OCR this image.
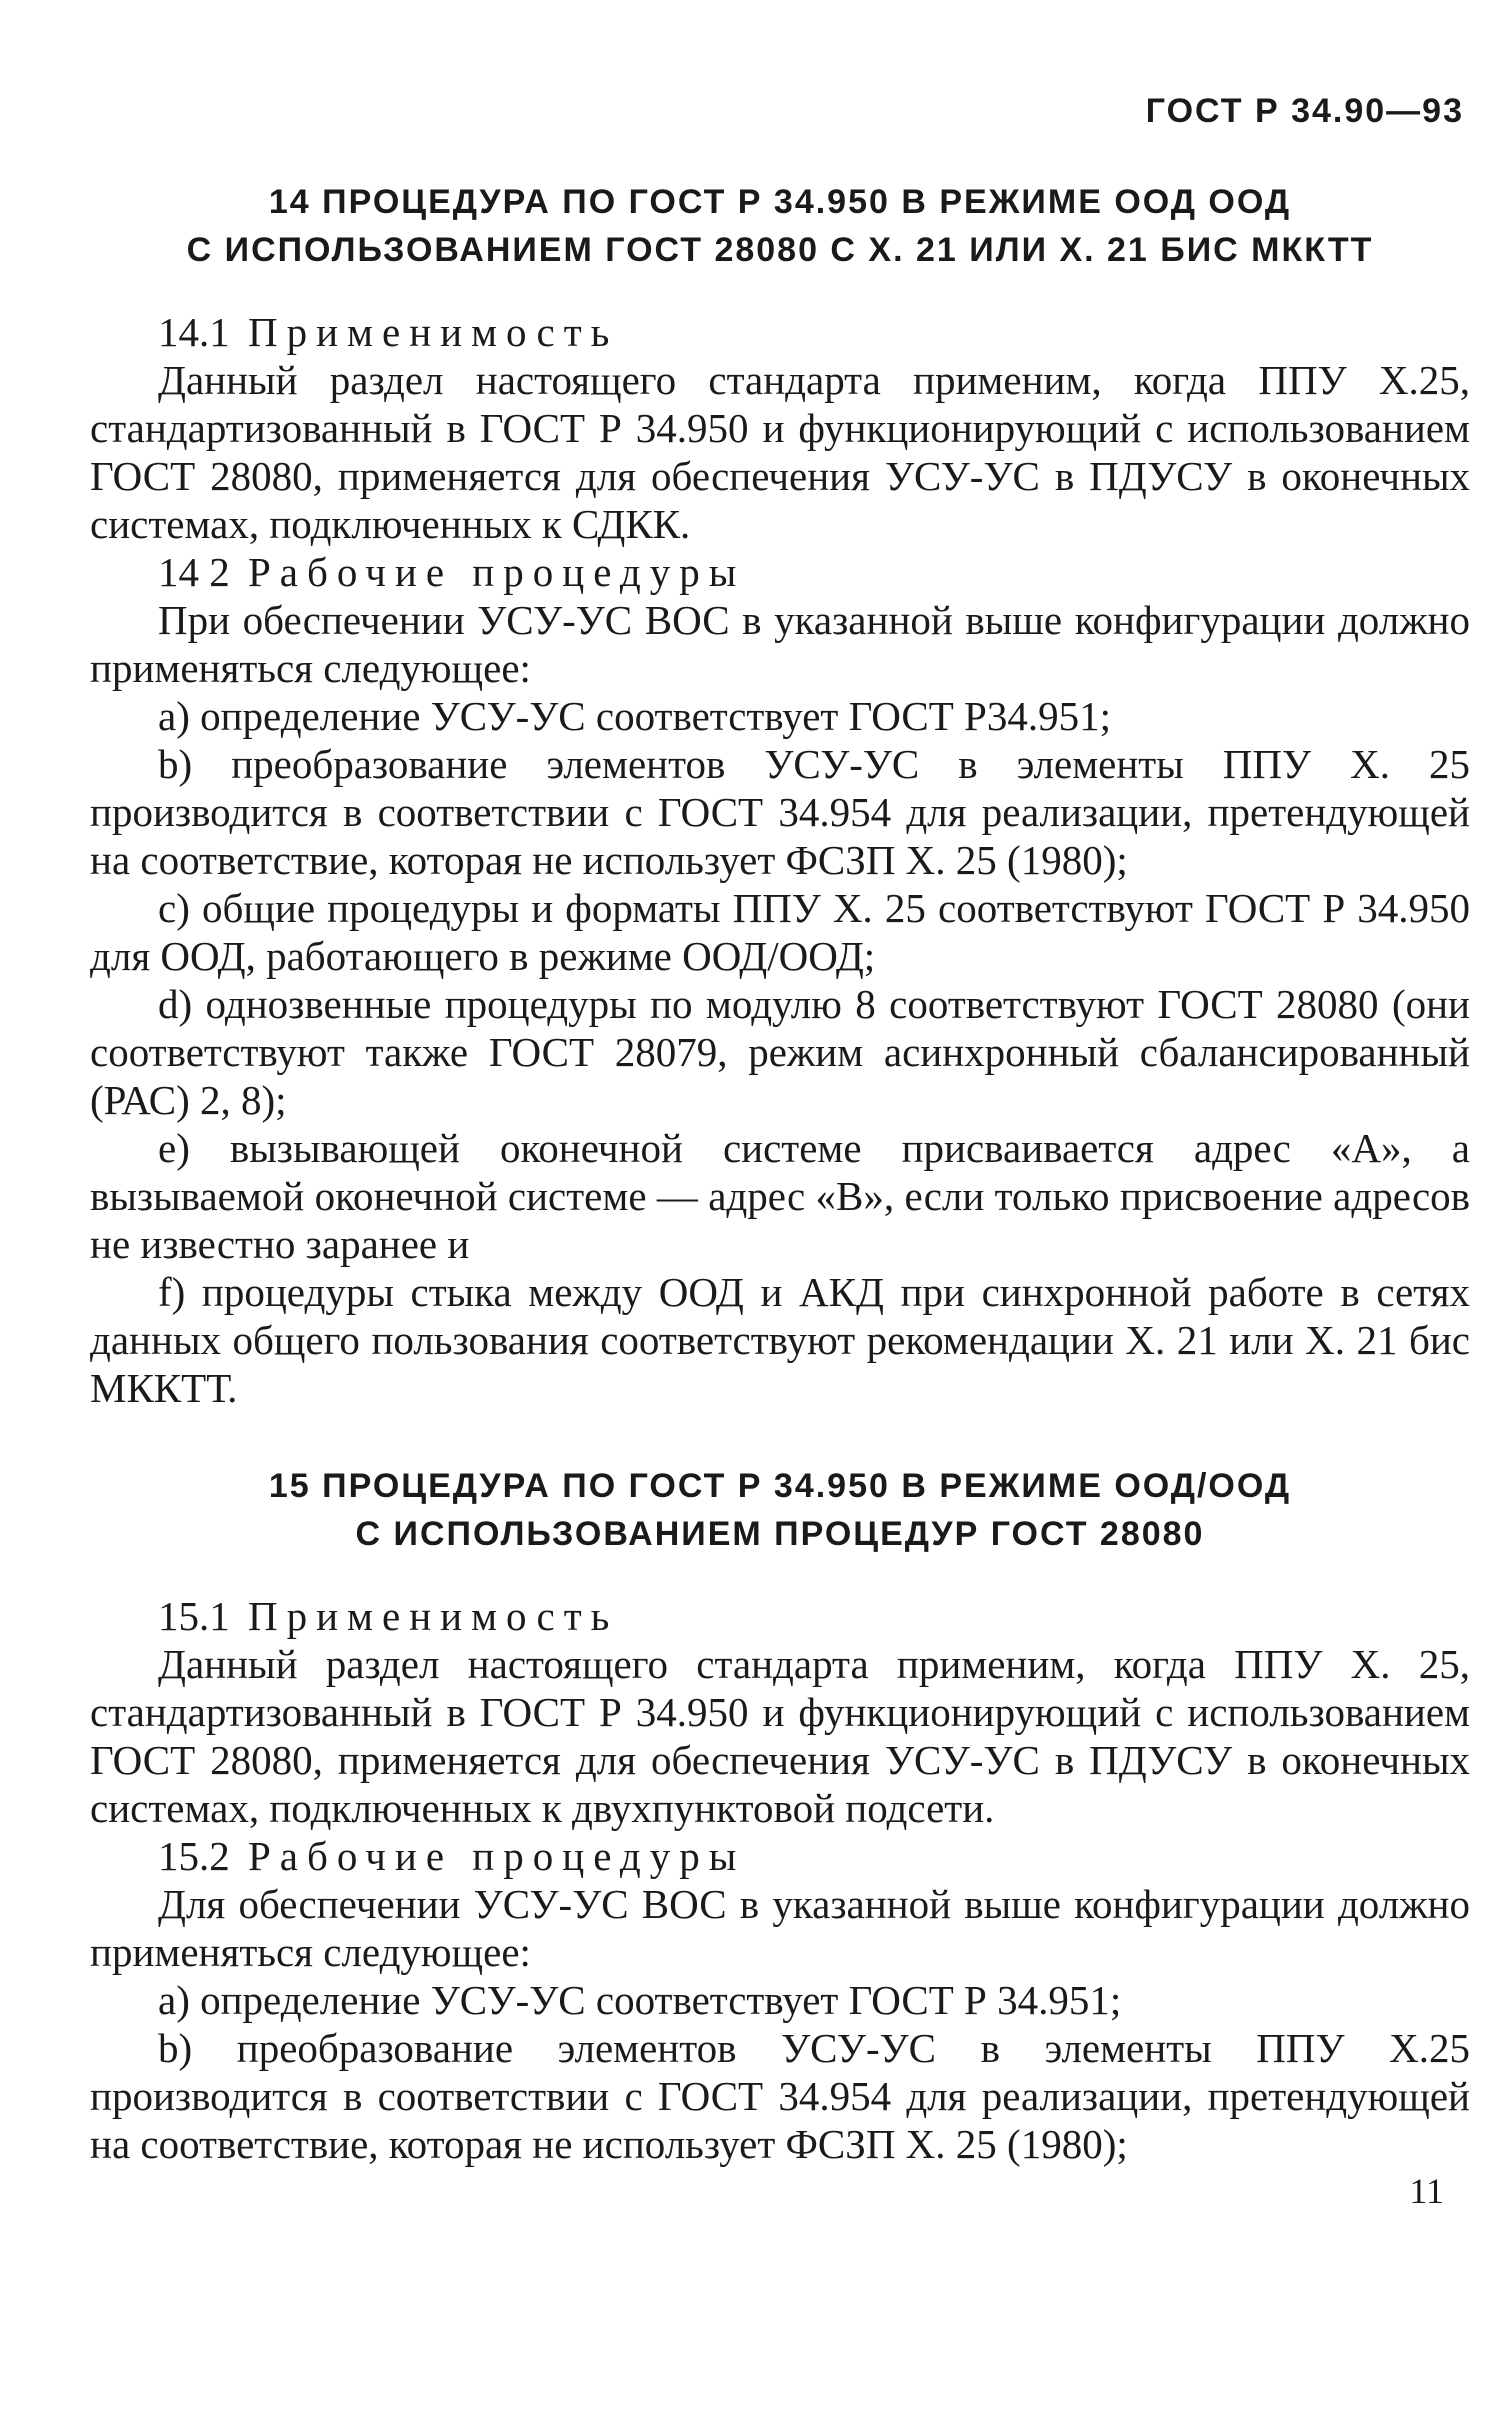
ГОСТ Р 34.90—93

14 ПРОЦЕДУРА ПО ГОСТ Р 34.950 В РЕЖИМЕ ООД ООД

С ИСПОЛЬЗОВАНИЕМ ГОСТ 28080 С Х. 21 ИЛИ Х. 21 БИС МККТТ

14.1 Применимость

Данный раздел настоящего стандарта применим, когда ППУ Х.25, стандартизованный в ГОСТ Р 34.950 и функционирующий с использованием ГОСТ 28080, применяется для обеспечения УСУ-УС в ПДУСУ в оконечных системах, подключенных к СДКК.

14 2 Рабочие процедуры

При обеспечении УСУ-УС ВОС в указанной выше конфигурации должно применяться следующее:

a) определение УСУ-УС соответствует ГОСТ Р34.951;

b) преобразование элементов УСУ-УС в элементы ППУ Х. 25 производится в соответствии с ГОСТ 34.954 для реализации, претендующей на соответствие, которая не использует ФСЗП Х. 25 (1980);

c) общие процедуры и форматы ППУ Х. 25 соответствуют ГОСТ Р 34.950 для ООД, работающего в режиме ООД/ООД;

d) однозвенные процедуры по модулю 8 соответствуют ГОСТ 28080 (они соответствуют также ГОСТ 28079, режим асинхронный сбалансированный (РАС) 2, 8);

e) вызывающей оконечной системе присваивается адрес «А», а вызываемой оконечной системе — адрес «В», если только присвоение адресов не известно заранее и

f) процедуры стыка между ООД и АКД при синхронной работе в сетях данных общего пользования соответствуют рекомендации Х. 21 или Х. 21 бис МККТТ.

15 ПРОЦЕДУРА ПО ГОСТ Р 34.950 В РЕЖИМЕ ООД/ООД

С ИСПОЛЬЗОВАНИЕМ ПРОЦЕДУР ГОСТ 28080

15.1 Применимость

Данный раздел настоящего стандарта применим, когда ППУ Х. 25, стандартизованный в ГОСТ Р 34.950 и функционирующий с использованием ГОСТ 28080, применяется для обеспечения УСУ-УС в ПДУСУ в оконечных системах, подключенных к двухпунктовой подсети.

15.2 Рабочие процедуры

Для обеспечении УСУ-УС ВОС в указанной выше конфигурации должно применяться следующее:

a) определение УСУ-УС соответствует ГОСТ Р 34.951;

b) преобразование элементов УСУ-УС в элементы ППУ Х.25 производится в соответствии с ГОСТ 34.954 для реализации, претендующей на соответствие, которая не использует ФСЗП Х. 25 (1980);

11
